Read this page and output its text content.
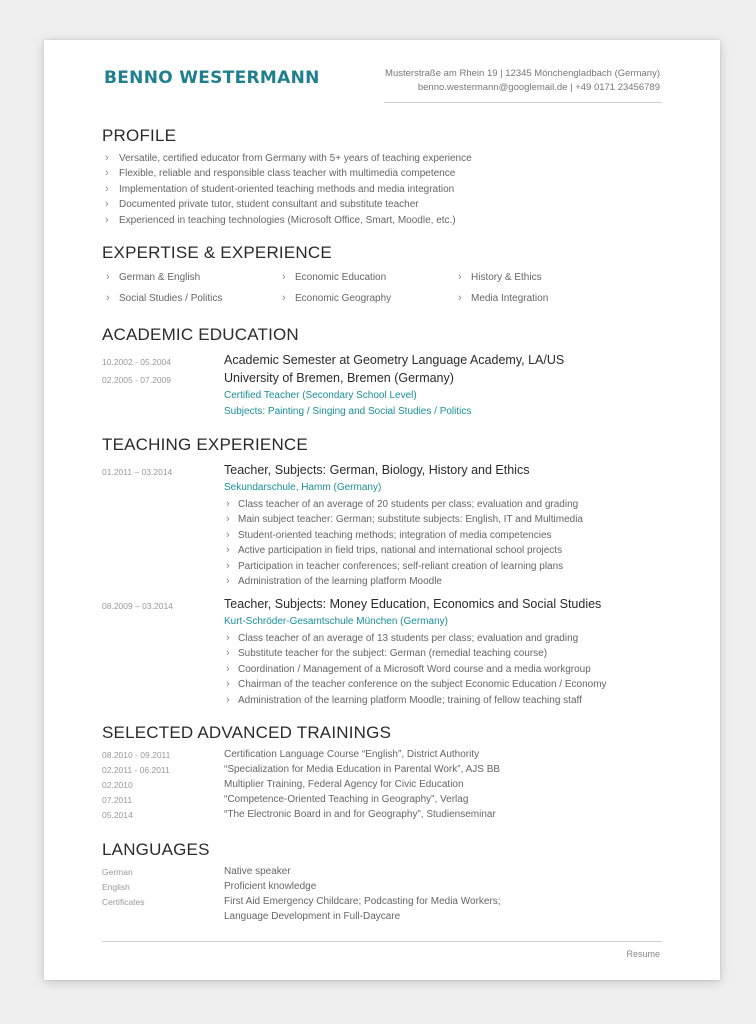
BENNO WESTERMANN	Musterstraße am Rhein 19 | 12345 Mönchengladbach (Germany)
benno.westermann@googlemail.de | +49 0171 23456789
PROFILE
› Versatile, certified educator from Germany with 5+ years of teaching experience
› Flexible, reliable and responsible class teacher with multimedia competence
› Implementation of student-oriented teaching methods and media integration
› Documented private tutor, student consultant and substitute teacher
› Experienced in teaching technologies (Microsoft Office, Smart, Moodle, etc.)
EXPERTISE & EXPERIENCE
› German & English	› Economic Education	› History & Ethics
› Social Studies / Politics	› Economic Geography	› Media Integration
ACADEMIC EDUCATION
10.2002 - 05.2004	Academic Semester at Geometry Language Academy, LA/US
02.2005 - 07.2009	University of Bremen, Bremen (Germany)
Certified Teacher (Secondary School Level)
Subjects: Painting / Singing and Social Studies / Politics
TEACHING EXPERIENCE
01.2011 – 03.2014	Teacher, Subjects: German, Biology, History and Ethics
Sekundarschule, Hamm (Germany)
› Class teacher of an average of 20 students per class; evaluation and grading
› Main subject teacher: German; substitute subjects: English, IT and Multimedia
› Student-oriented teaching methods; integration of media competencies
› Active participation in field trips, national and international school projects
› Participation in teacher conferences; self-reliant creation of learning plans
› Administration of the learning platform Moodle
08.2009 – 03.2014	Teacher, Subjects: Money Education, Economics and Social Studies
Kurt-Schröder-Gesamtschule München (Germany)
› Class teacher of an average of 13 students per class; evaluation and grading
› Substitute teacher for the subject: German (remedial teaching course)
› Coordination / Management of a Microsoft Word course and a media workgroup
› Chairman of the teacher conference on the subject Economic Education / Economy
› Administration of the learning platform Moodle; training of fellow teaching staff
SELECTED ADVANCED TRAININGS
08.2010 - 09.2011	Certification Language Course “English”, District Authority
02.2011 - 06.2011	“Specialization for Media Education in Parental Work”, AJS BB
02.2010	Multiplier Training, Federal Agency for Civic Education
07.2011	“Competence-Oriented Teaching in Geography”, Verlag
05.2014	“The Electronic Board in and for Geography”, Studienseminar
LANGUAGES
German	Native speaker
English	Proficient knowledge
Certificates	First Aid Emergency Childcare; Podcasting for Media Workers;
Language Development in Full-Daycare
Resume
